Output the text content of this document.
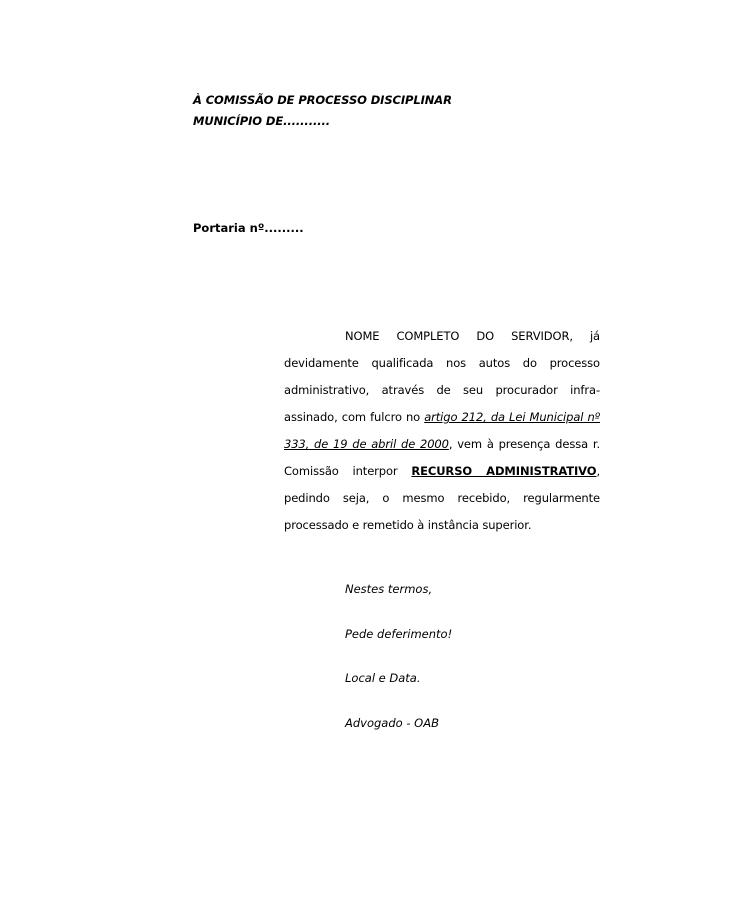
À COMISSÃO DE PROCESSO DISCIPLINAR
MUNICÍPIO DE...........
Portaria nº.........

NOME COMPLETO DO SERVIDOR, já devidamente qualificada nos autos do processo administrativo, através de seu procurador infra-assinado, com fulcro no artigo 212, da Lei Municipal nº 333, de 19 de abril de 2000, vem à presença dessa r. Comissão interpor RECURSO ADMINISTRATIVO, pedindo seja, o mesmo recebido, regularmente processado e remetido à instância superior.

Nestes termos,
Pede deferimento!
Local e Data.
Advogado - OAB
